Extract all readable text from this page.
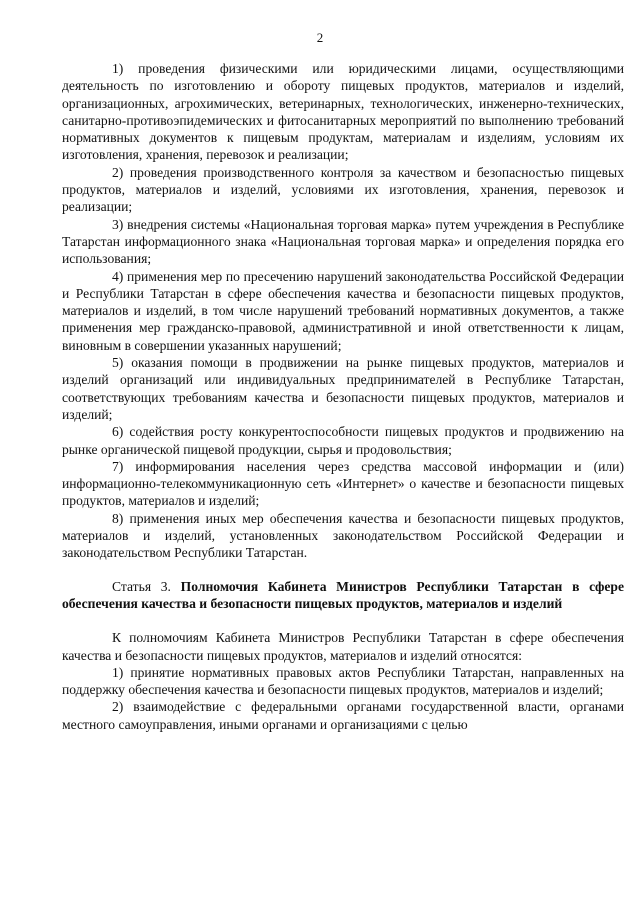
2

1) проведения физическими или юридическими лицами, осуществляющими деятельность по изготовлению и обороту пищевых продуктов, материалов и изделий, организационных, агрохимических, ветеринарных, технологических, инженерно-технических, санитарно-противоэпидемических и фитосанитарных мероприятий по выполнению требований нормативных документов к пищевым продуктам, материалам и изделиям, условиям их изготовления, хранения, перевозок и реализации;

2) проведения производственного контроля за качеством и безопасностью пищевых продуктов, материалов и изделий, условиями их изготовления, хранения, перевозок и реализации;

3) внедрения системы «Национальная торговая марка» путем учреждения в Республике Татарстан информационного знака «Национальная торговая марка» и определения порядка его использования;

4) применения мер по пресечению нарушений законодательства Российской Федерации и Республики Татарстан в сфере обеспечения качества и безопасности пищевых продуктов, материалов и изделий, в том числе нарушений требований нормативных документов, а также применения мер гражданско-правовой, административной и иной ответственности к лицам, виновным в совершении указанных нарушений;

5) оказания помощи в продвижении на рынке пищевых продуктов, материалов и изделий организаций или индивидуальных предпринимателей в Республике Татарстан, соответствующих требованиям качества и безопасности пищевых продуктов, материалов и изделий;

6) содействия росту конкурентоспособности пищевых продуктов и продвижению на рынке органической пищевой продукции, сырья и продовольствия;

7) информирования населения через средства массовой информации и (или) информационно-телекоммуникационную сеть «Интернет» о качестве и безопасности пищевых продуктов, материалов и изделий;

8) применения иных мер обеспечения качества и безопасности пищевых продуктов, материалов и изделий, установленных законодательством Российской Федерации и законодательством Республики Татарстан.

Статья 3. Полномочия Кабинета Министров Республики Татарстан в сфере обеспечения качества и безопасности пищевых продуктов, материалов и изделий

К полномочиям Кабинета Министров Республики Татарстан в сфере обеспечения качества и безопасности пищевых продуктов, материалов и изделий относятся:

1) принятие нормативных правовых актов Республики Татарстан, направленных на поддержку обеспечения качества и безопасности пищевых продуктов, материалов и изделий;

2) взаимодействие с федеральными органами государственной власти, органами местного самоуправления, иными органами и организациями с целью
